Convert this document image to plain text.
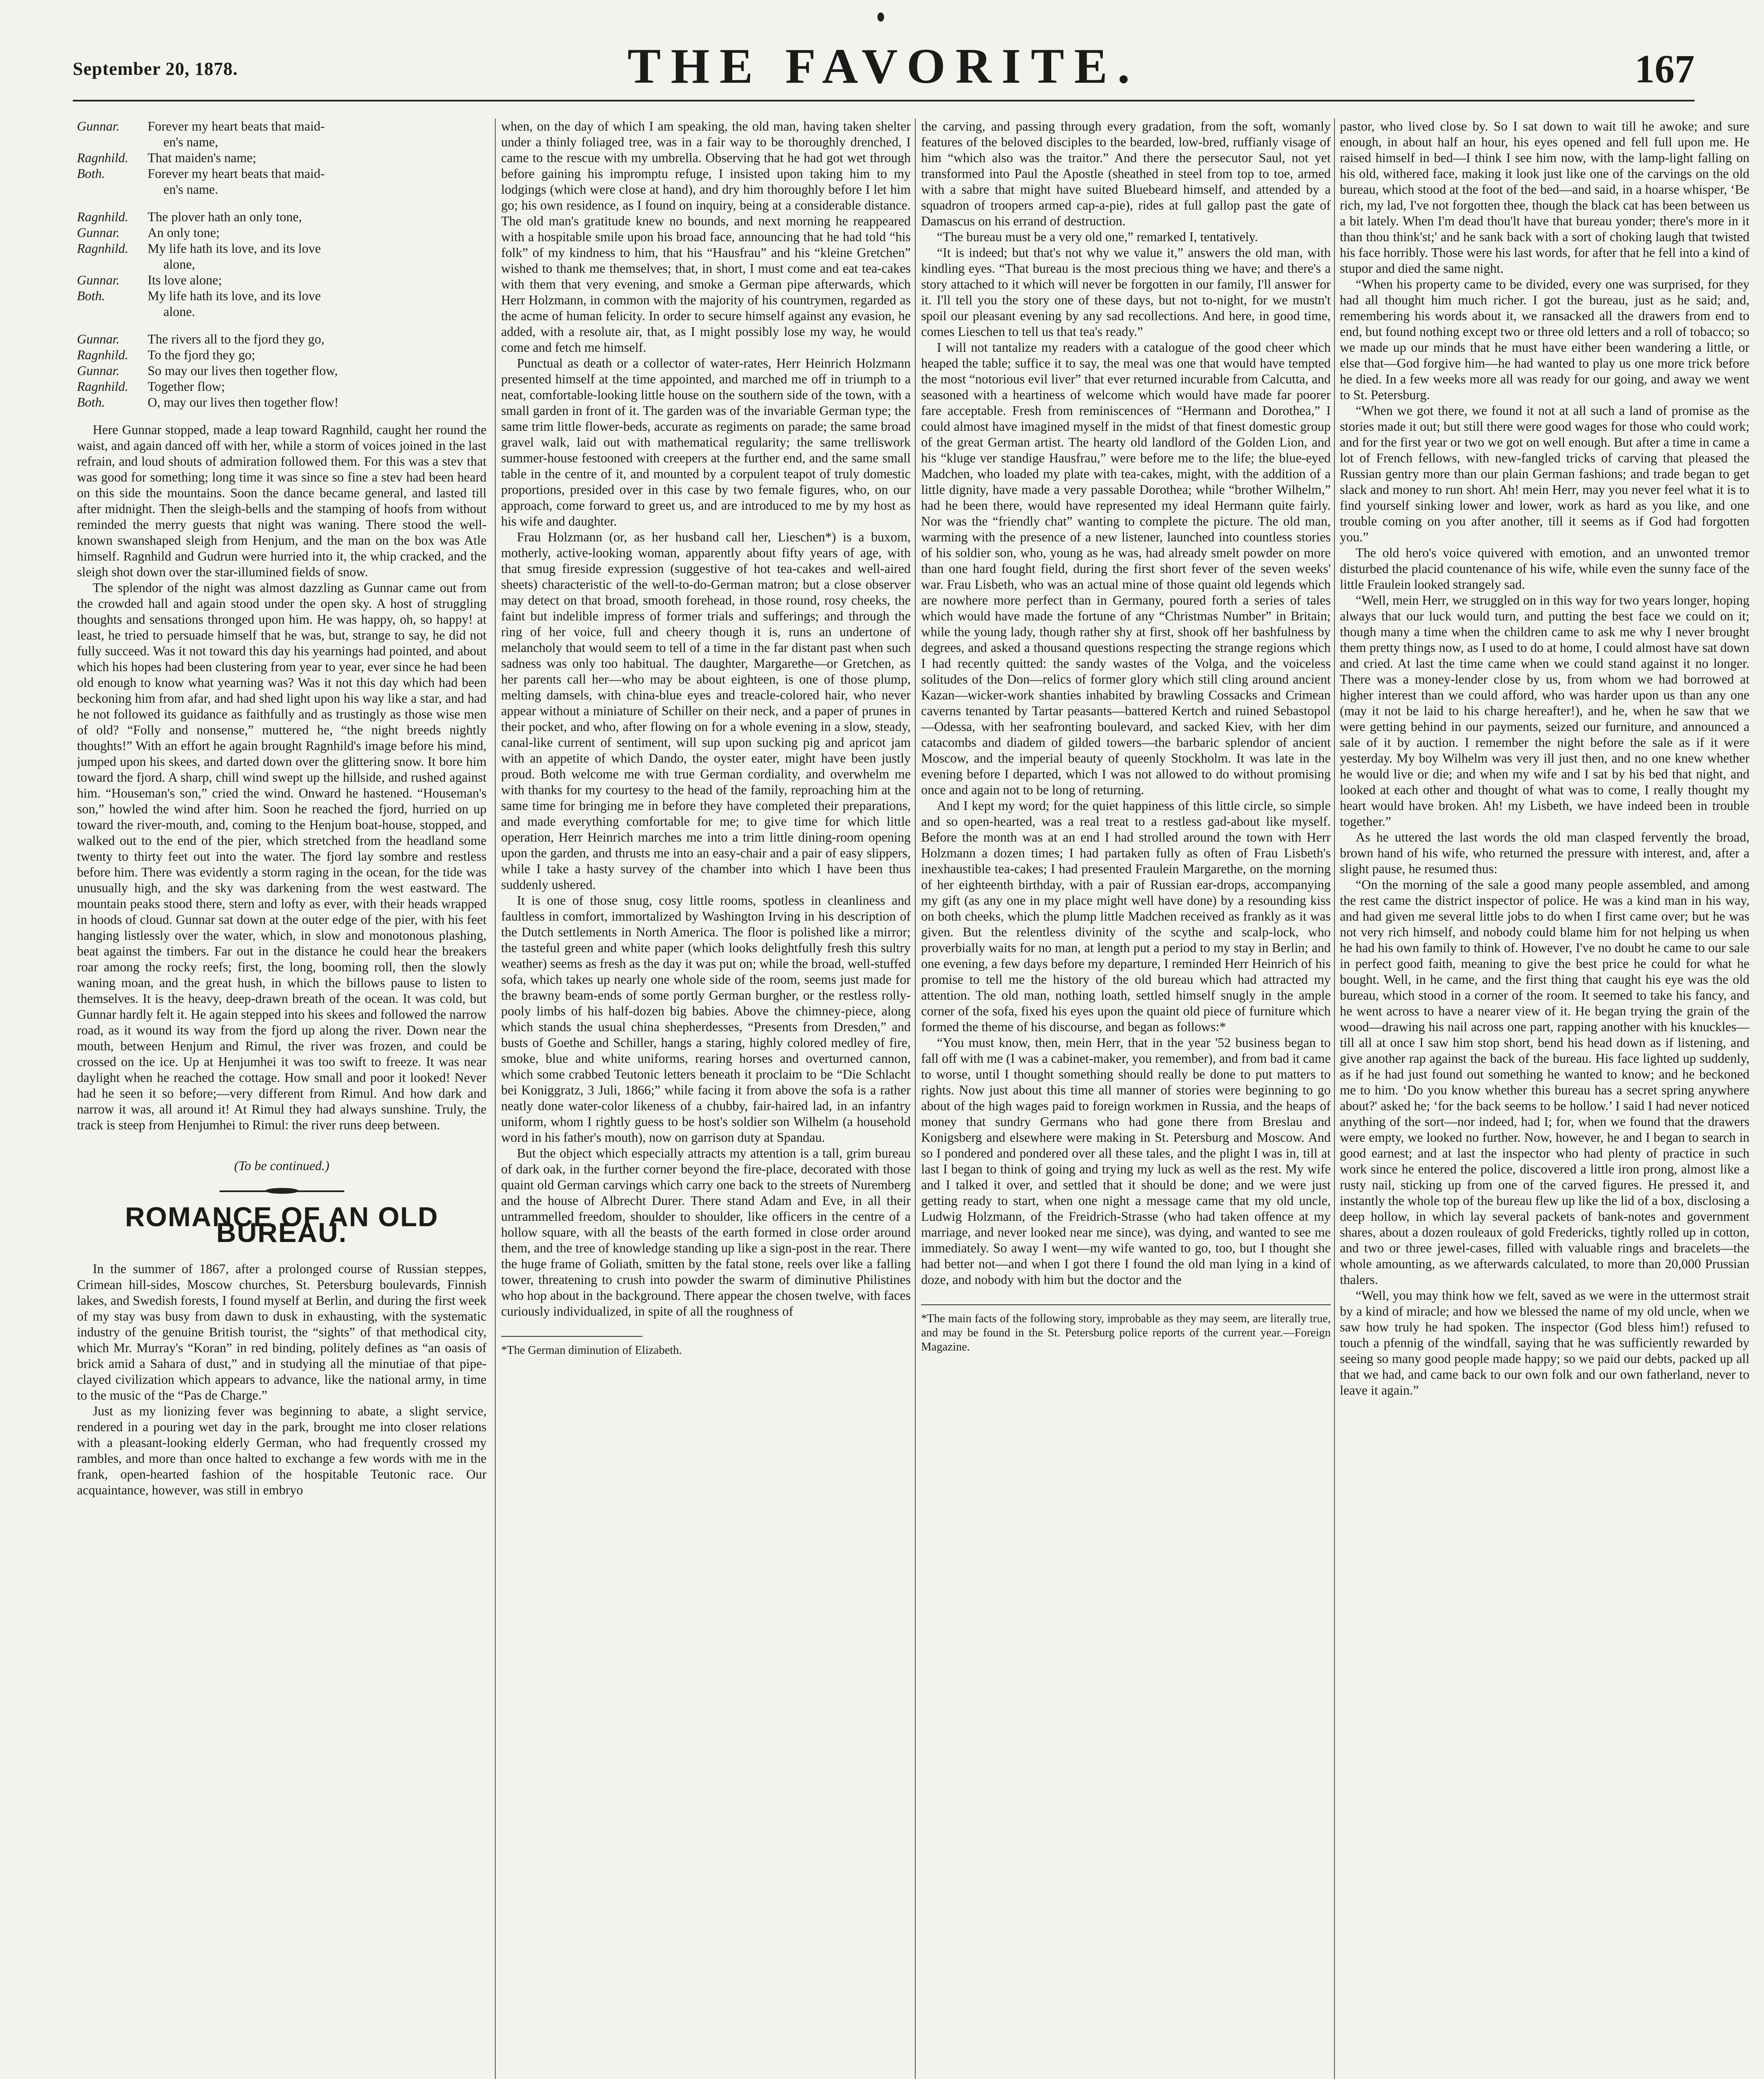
September 20, 1878.	THE FAVORITE.	167
Gunnar.	Forever my heart beats that maid-
en's name,
Ragnhild.	That maiden's name;
Both.	Forever my heart beats that maid-
en's name.
Ragnhild.	The plover hath an only tone,
Gunnar.	An only tone;
Ragnhild.	My life hath its love, and its love
alone,
Gunnar.	Its love alone;
Both.	My life hath its love, and its love
alone.
Gunnar.	The rivers all to the fjord they go,
Ragnhild.	To the fjord they go;
Gunnar.	So may our lives then together flow,
Ragnhild.	Together flow;
Both.	O, may our lives then together flow!

Here Gunnar stopped, made a leap toward Ragnhild, caught her round the waist, and again danced off with her, while a storm of voices joined in the last refrain, and loud shouts of admiration followed them. For this was a stev that was good for something; long time it was since so fine a stev had been heard on this side the mountains. Soon the dance became general, and lasted till after midnight. Then the sleigh-bells and the stamping of hoofs from without reminded the merry guests that night was waning. There stood the well-known swanshaped sleigh from Henjum, and the man on the box was Atle himself. Ragnhild and Gudrun were hurried into it, the whip cracked, and the sleigh shot down over the star-illumined fields of snow.

The splendor of the night was almost dazzling as Gunnar came out from the crowded hall and again stood under the open sky. A host of struggling thoughts and sensations thronged upon him. He was happy, oh, so happy! at least, he tried to persuade himself that he was, but, strange to say, he did not fully succeed. Was it not toward this day his yearnings had pointed, and about which his hopes had been clustering from year to year, ever since he had been old enough to know what yearning was? Was it not this day which had been beckoning him from afar, and had shed light upon his way like a star, and had he not followed its guidance as faithfully and as trustingly as those wise men of old? “Folly and nonsense,” muttered he, “the night breeds nightly thoughts!” With an effort he again brought Ragnhild's image before his mind, jumped upon his skees, and darted down over the glittering snow. It bore him toward the fjord. A sharp, chill wind swept up the hillside, and rushed against him. “Houseman's son,” cried the wind. Onward he hastened. “Houseman's son,” howled the wind after him. Soon he reached the fjord, hurried on up toward the river-mouth, and, coming to the Henjum boat-house, stopped, and walked out to the end of the pier, which stretched from the headland some twenty to thirty feet out into the water. The fjord lay sombre and restless before him. There was evidently a storm raging in the ocean, for the tide was unusually high, and the sky was darkening from the west eastward. The mountain peaks stood there, stern and lofty as ever, with their heads wrapped in hoods of cloud. Gunnar sat down at the outer edge of the pier, with his feet hanging listlessly over the water, which, in slow and monotonous plashing, beat against the timbers. Far out in the distance he could hear the breakers roar among the rocky reefs; first, the long, booming roll, then the slowly waning moan, and the great hush, in which the billows pause to listen to themselves. It is the heavy, deep-drawn breath of the ocean. It was cold, but Gunnar hardly felt it. He again stepped into his skees and followed the narrow road, as it wound its way from the fjord up along the river. Down near the mouth, between Henjum and Rimul, the river was frozen, and could be crossed on the ice. Up at Henjumhei it was too swift to freeze. It was near daylight when he reached the cottage. How small and poor it looked! Never had he seen it so before;—very different from Rimul. And how dark and narrow it was, all around it! At Rimul they had always sunshine. Truly, the track is steep from Henjumhei to Rimul: the river runs deep between.

(To be continued.)
ROMANCE OF AN OLD BUREAU.

In the summer of 1867, after a prolonged course of Russian steppes, Crimean hill-sides, Moscow churches, St. Petersburg boulevards, Finnish lakes, and Swedish forests, I found myself at Berlin, and during the first week of my stay was busy from dawn to dusk in exhausting, with the systematic industry of the genuine British tourist, the “sights” of that methodical city, which Mr. Murray's “Koran” in red binding, politely defines as “an oasis of brick amid a Sahara of dust,” and in studying all the minutiae of that pipe-clayed civilization which appears to advance, like the national army, in time to the music of the “Pas de Charge.”

Just as my lionizing fever was beginning to abate, a slight service, rendered in a pouring wet day in the park, brought me into closer relations with a pleasant-looking elderly German, who had frequently crossed my rambles, and more than once halted to exchange a few words with me in the frank, open-hearted fashion of the hospitable Teutonic race. Our acquaintance, however, was still in embryo

when, on the day of which I am speaking, the old man, having taken shelter under a thinly foliaged tree, was in a fair way to be thoroughly drenched, I came to the rescue with my umbrella. Observing that he had got wet through before gaining his impromptu refuge, I insisted upon taking him to my lodgings (which were close at hand), and dry him thoroughly before I let him go; his own residence, as I found on inquiry, being at a considerable distance. The old man's gratitude knew no bounds, and next morning he reappeared with a hospitable smile upon his broad face, announcing that he had told “his folk” of my kindness to him, that his “Hausfrau” and his “kleine Gretchen” wished to thank me themselves; that, in short, I must come and eat tea-cakes with them that very evening, and smoke a German pipe afterwards, which Herr Holzmann, in common with the majority of his countrymen, regarded as the acme of human felicity. In order to secure himself against any evasion, he added, with a resolute air, that, as I might possibly lose my way, he would come and fetch me himself.

Punctual as death or a collector of water-rates, Herr Heinrich Holzmann presented himself at the time appointed, and marched me off in triumph to a neat, comfortable-looking little house on the southern side of the town, with a small garden in front of it. The garden was of the invariable German type; the same trim little flower-beds, accurate as regiments on parade; the same broad gravel walk, laid out with mathematical regularity; the same trelliswork summer-house festooned with creepers at the further end, and the same small table in the centre of it, and mounted by a corpulent teapot of truly domestic proportions, presided over in this case by two female figures, who, on our approach, come forward to greet us, and are introduced to me by my host as his wife and daughter.

Frau Holzmann (or, as her husband call her, Lieschen*) is a buxom, motherly, active-looking woman, apparently about fifty years of age, with that smug fireside expression (suggestive of hot tea-cakes and well-aired sheets) characteristic of the well-to-do-German matron; but a close observer may detect on that broad, smooth forehead, in those round, rosy cheeks, the faint but indelible impress of former trials and sufferings; and through the ring of her voice, full and cheery though it is, runs an undertone of melancholy that would seem to tell of a time in the far distant past when such sadness was only too habitual. The daughter, Margarethe—or Gretchen, as her parents call her—who may be about eighteen, is one of those plump, melting damsels, with china-blue eyes and treacle-colored hair, who never appear without a miniature of Schiller on their neck, and a paper of prunes in their pocket, and who, after flowing on for a whole evening in a slow, steady, canal-like current of sentiment, will sup upon sucking pig and apricot jam with an appetite of which Dando, the oyster eater, might have been justly proud. Both welcome me with true German cordiality, and overwhelm me with thanks for my courtesy to the head of the family, reproaching him at the same time for bringing me in before they have completed their preparations, and made everything comfortable for me; to give time for which little operation, Herr Heinrich marches me into a trim little dining-room opening upon the garden, and thrusts me into an easy-chair and a pair of easy slippers, while I take a hasty survey of the chamber into which I have been thus suddenly ushered.

It is one of those snug, cosy little rooms, spotless in cleanliness and faultless in comfort, immortalized by Washington Irving in his description of the Dutch settlements in North America. The floor is polished like a mirror; the tasteful green and white paper (which looks delightfully fresh this sultry weather) seems as fresh as the day it was put on; while the broad, well-stuffed sofa, which takes up nearly one whole side of the room, seems just made for the brawny beam-ends of some portly German burgher, or the restless rolly-pooly limbs of his half-dozen big babies. Above the chimney-piece, along which stands the usual china shepherdesses, “Presents from Dresden,” and busts of Goethe and Schiller, hangs a staring, highly colored medley of fire, smoke, blue and white uniforms, rearing horses and overturned cannon, which some crabbed Teutonic letters beneath it proclaim to be “Die Schlacht bei Koniggratz, 3 Juli, 1866;” while facing it from above the sofa is a rather neatly done water-color likeness of a chubby, fair-haired lad, in an infantry uniform, whom I rightly guess to be host's soldier son Wilhelm (a household word in his father's mouth), now on garrison duty at Spandau.

But the object which especially attracts my attention is a tall, grim bureau of dark oak, in the further corner beyond the fire-place, decorated with those quaint old German carvings which carry one back to the streets of Nuremberg and the house of Albrecht Durer. There stand Adam and Eve, in all their untrammelled freedom, shoulder to shoulder, like officers in the centre of a hollow square, with all the beasts of the earth formed in close order around them, and the tree of knowledge standing up like a sign-post in the rear. There the huge frame of Goliath, smitten by the fatal stone, reels over like a falling tower, threatening to crush into powder the swarm of diminutive Philistines who hop about in the background. There appear the chosen twelve, with faces curiously individualized, in spite of all the roughness of

*The German diminution of Elizabeth.

the carving, and passing through every gradation, from the soft, womanly features of the beloved disciples to the bearded, low-bred, ruffianly visage of him “which also was the traitor.” And there the persecutor Saul, not yet transformed into Paul the Apostle (sheathed in steel from top to toe, armed with a sabre that might have suited Bluebeard himself, and attended by a squadron of troopers armed cap-a-pie), rides at full gallop past the gate of Damascus on his errand of destruction.

“The bureau must be a very old one,” remarked I, tentatively.

“It is indeed; but that's not why we value it,” answers the old man, with kindling eyes. “That bureau is the most precious thing we have; and there's a story attached to it which will never be forgotten in our family, I'll answer for it. I'll tell you the story one of these days, but not to-night, for we mustn't spoil our pleasant evening by any sad recollections. And here, in good time, comes Lieschen to tell us that tea's ready.”

I will not tantalize my readers with a catalogue of the good cheer which heaped the table; suffice it to say, the meal was one that would have tempted the most “notorious evil liver” that ever returned incurable from Calcutta, and seasoned with a heartiness of welcome which would have made far poorer fare acceptable. Fresh from reminiscences of “Hermann and Dorothea,” I could almost have imagined myself in the midst of that finest domestic group of the great German artist. The hearty old landlord of the Golden Lion, and his “kluge ver standige Hausfrau,” were before me to the life; the blue-eyed Madchen, who loaded my plate with tea-cakes, might, with the addition of a little dignity, have made a very passable Dorothea; while “brother Wilhelm,” had he been there, would have represented my ideal Hermann quite fairly. Nor was the “friendly chat” wanting to complete the picture. The old man, warming with the presence of a new listener, launched into countless stories of his soldier son, who, young as he was, had already smelt powder on more than one hard fought field, during the first short fever of the seven weeks' war. Frau Lisbeth, who was an actual mine of those quaint old legends which are nowhere more perfect than in Germany, poured forth a series of tales which would have made the fortune of any “Christmas Number” in Britain; while the young lady, though rather shy at first, shook off her bashfulness by degrees, and asked a thousand questions respecting the strange regions which I had recently quitted: the sandy wastes of the Volga, and the voiceless solitudes of the Don—relics of former glory which still cling around ancient Kazan—wicker-work shanties inhabited by brawling Cossacks and Crimean caverns tenanted by Tartar peasants—battered Kertch and ruined Sebastopol—Odessa, with her seafronting boulevard, and sacked Kiev, with her dim catacombs and diadem of gilded towers—the barbaric splendor of ancient Moscow, and the imperial beauty of queenly Stockholm. It was late in the evening before I departed, which I was not allowed to do without promising once and again not to be long of returning.

And I kept my word; for the quiet happiness of this little circle, so simple and so open-hearted, was a real treat to a restless gad-about like myself. Before the month was at an end I had strolled around the town with Herr Holzmann a dozen times; I had partaken fully as often of Frau Lisbeth's inexhaustible tea-cakes; I had presented Fraulein Margarethe, on the morning of her eighteenth birthday, with a pair of Russian ear-drops, accompanying my gift (as any one in my place might well have done) by a resounding kiss on both cheeks, which the plump little Madchen received as frankly as it was given. But the relentless divinity of the scythe and scalp-lock, who proverbially waits for no man, at length put a period to my stay in Berlin; and one evening, a few days before my departure, I reminded Herr Heinrich of his promise to tell me the history of the old bureau which had attracted my attention. The old man, nothing loath, settled himself snugly in the ample corner of the sofa, fixed his eyes upon the quaint old piece of furniture which formed the theme of his discourse, and began as follows:*

“You must know, then, mein Herr, that in the year '52 business began to fall off with me (I was a cabinet-maker, you remember), and from bad it came to worse, until I thought something should really be done to put matters to rights. Now just about this time all manner of stories were beginning to go about of the high wages paid to foreign workmen in Russia, and the heaps of money that sundry Germans who had gone there from Breslau and Konigsberg and elsewhere were making in St. Petersburg and Moscow. And so I pondered and pondered over all these tales, and the plight I was in, till at last I began to think of going and trying my luck as well as the rest. My wife and I talked it over, and settled that it should be done; and we were just getting ready to start, when one night a message came that my old uncle, Ludwig Holzmann, of the Freidrich-Strasse (who had taken offence at my marriage, and never looked near me since), was dying, and wanted to see me immediately. So away I went—my wife wanted to go, too, but I thought she had better not—and when I got there I found the old man lying in a kind of doze, and nobody with him but the doctor and the

*The main facts of the following story, improbable as they may seem, are literally true, and may be found in the St. Petersburg police reports of the current year.—Foreign Magazine.

pastor, who lived close by. So I sat down to wait till he awoke; and sure enough, in about half an hour, his eyes opened and fell full upon me. He raised himself in bed—I think I see him now, with the lamp-light falling on his old, withered face, making it look just like one of the carvings on the old bureau, which stood at the foot of the bed—and said, in a hoarse whisper, ‘Be rich, my lad, I've not forgotten thee, though the black cat has been between us a bit lately. When I'm dead thou'lt have that bureau yonder; there's more in it than thou think'st;' and he sank back with a sort of choking laugh that twisted his face horribly. Those were his last words, for after that he fell into a kind of stupor and died the same night.

“When his property came to be divided, every one was surprised, for they had all thought him much richer. I got the bureau, just as he said; and, remembering his words about it, we ransacked all the drawers from end to end, but found nothing except two or three old letters and a roll of tobacco; so we made up our minds that he must have either been wandering a little, or else that—God forgive him—he had wanted to play us one more trick before he died. In a few weeks more all was ready for our going, and away we went to St. Petersburg.

“When we got there, we found it not at all such a land of promise as the stories made it out; but still there were good wages for those who could work; and for the first year or two we got on well enough. But after a time in came a lot of French fellows, with new-fangled tricks of carving that pleased the Russian gentry more than our plain German fashions; and trade began to get slack and money to run short. Ah! mein Herr, may you never feel what it is to find yourself sinking lower and lower, work as hard as you like, and one trouble coming on you after another, till it seems as if God had forgotten you.”

The old hero's voice quivered with emotion, and an unwonted tremor disturbed the placid countenance of his wife, while even the sunny face of the little Fraulein looked strangely sad.

“Well, mein Herr, we struggled on in this way for two years longer, hoping always that our luck would turn, and putting the best face we could on it; though many a time when the children came to ask me why I never brought them pretty things now, as I used to do at home, I could almost have sat down and cried. At last the time came when we could stand against it no longer. There was a money-lender close by us, from whom we had borrowed at higher interest than we could afford, who was harder upon us than any one (may it not be laid to his charge hereafter!), and he, when he saw that we were getting behind in our payments, seized our furniture, and announced a sale of it by auction. I remember the night before the sale as if it were yesterday. My boy Wilhelm was very ill just then, and no one knew whether he would live or die; and when my wife and I sat by his bed that night, and looked at each other and thought of what was to come, I really thought my heart would have broken. Ah! my Lisbeth, we have indeed been in trouble together.”

As he uttered the last words the old man clasped fervently the broad, brown hand of his wife, who returned the pressure with interest, and, after a slight pause, he resumed thus:

“On the morning of the sale a good many people assembled, and among the rest came the district inspector of police. He was a kind man in his way, and had given me several little jobs to do when I first came over; but he was not very rich himself, and nobody could blame him for not helping us when he had his own family to think of. However, I've no doubt he came to our sale in perfect good faith, meaning to give the best price he could for what he bought. Well, in he came, and the first thing that caught his eye was the old bureau, which stood in a corner of the room. It seemed to take his fancy, and he went across to have a nearer view of it. He began trying the grain of the wood—drawing his nail across one part, rapping another with his knuckles—till all at once I saw him stop short, bend his head down as if listening, and give another rap against the back of the bureau. His face lighted up suddenly, as if he had just found out something he wanted to know; and he beckoned me to him. ‘Do you know whether this bureau has a secret spring anywhere about?' asked he; ‘for the back seems to be hollow.’ I said I had never noticed anything of the sort—nor indeed, had I; for, when we found that the drawers were empty, we looked no further. Now, however, he and I began to search in good earnest; and at last the inspector who had plenty of practice in such work since he entered the police, discovered a little iron prong, almost like a rusty nail, sticking up from one of the carved figures. He pressed it, and instantly the whole top of the bureau flew up like the lid of a box, disclosing a deep hollow, in which lay several packets of bank-notes and government shares, about a dozen rouleaux of gold Fredericks, tightly rolled up in cotton, and two or three jewel-cases, filled with valuable rings and bracelets—the whole amounting, as we afterwards calculated, to more than 20,000 Prussian thalers.

“Well, you may think how we felt, saved as we were in the uttermost strait by a kind of miracle; and how we blessed the name of my old uncle, when we saw how truly he had spoken. The inspector (God bless him!) refused to touch a pfennig of the windfall, saying that he was sufficiently rewarded by seeing so many good people made happy; so we paid our debts, packed up all that we had, and came back to our own folk and our own fatherland, never to leave it again.”
